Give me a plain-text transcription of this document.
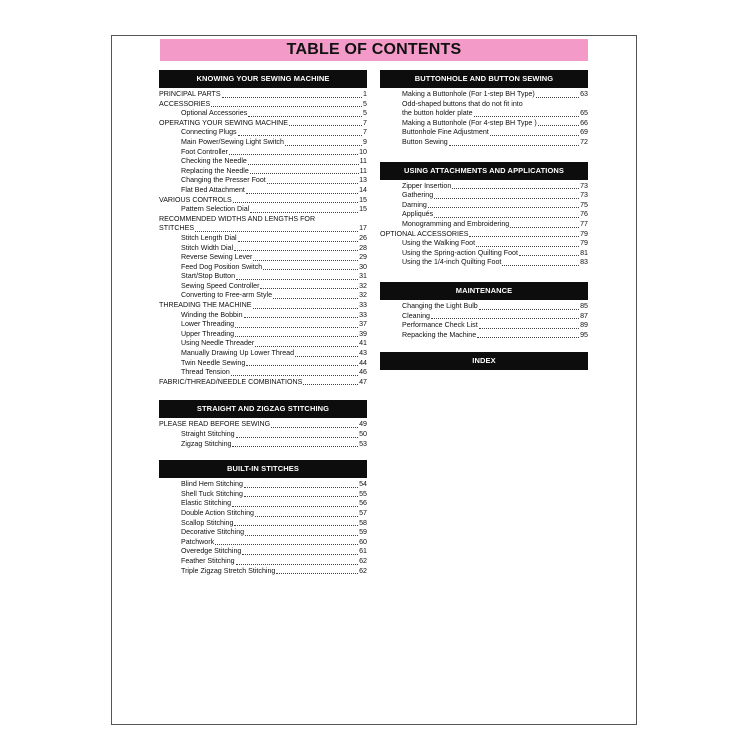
TABLE OF CONTENTS
KNOWING YOUR SEWING MACHINE
PRINCIPAL PARTS	1
ACCESSORIES	5
Optional Accessories	5
OPERATING YOUR SEWING MACHINE	7
Connecting Plugs	7
Main Power/Sewing Light Switch	9
Foot Controller	10
Checking the Needle	11
Replacing the Needle	11
Changing the Presser Foot	13
Flat Bed Attachment	14
VARIOUS CONTROLS	15
Pattern Selection Dial	15
RECOMMENDED WIDTHS AND LENGTHS FOR
STITCHES	17
Stitch Length Dial	26
Stitch Width Dial	28
Reverse Sewing Lever	29
Feed Dog Position Switch	30
Start/Stop Button	31
Sewing Speed Controller	32
Converting to Free-arm Style	32
THREADING THE MACHINE	33
Winding the Bobbin	33
Lower Threading	37
Upper Threading	39
Using Needle Threader	41
Manually Drawing Up Lower Thread	43
Twin Needle Sewing	44
Thread Tension	46
FABRIC/THREAD/NEEDLE COMBINATIONS	47
STRAIGHT AND ZIGZAG STITCHING
PLEASE READ BEFORE SEWING	49
Straight Stitching	50
Zigzag Stitching	53
BUILT-IN STITCHES
Blind Hem Stitching	54
Shell Tuck Stitching	55
Elastic Stitching	56
Double Action Stitching	57
Scallop Stitching	58
Decorative Stitching	59
Patchwork	60
Overedge Stitching	61
Feather Stitching	62
Triple Zigzag Stretch Stitching	62
BUTTONHOLE AND BUTTON SEWING
Making a Buttonhole (For 1-step BH Type)	63
Odd-shaped buttons that do not fit into
the button holder plate	65
Making a Buttonhole (For 4-step BH Type )	66
Buttonhole Fine Adjustment	69
Button Sewing	72
USING ATTACHMENTS AND APPLICATIONS
Zipper Insertion	73
Gathering	73
Darning	75
Appliqués	76
Monogramming and Embroidering	77
OPTIONAL ACCESSORIES	79
Using the Walking Foot	79
Using the Spring-action Quilting Foot	81
Using the 1/4-inch Quilting Foot	83
MAINTENANCE
Changing the Light Bulb	85
Cleaning	87
Performance Check List	89
Repacking the Machine	95
INDEX
